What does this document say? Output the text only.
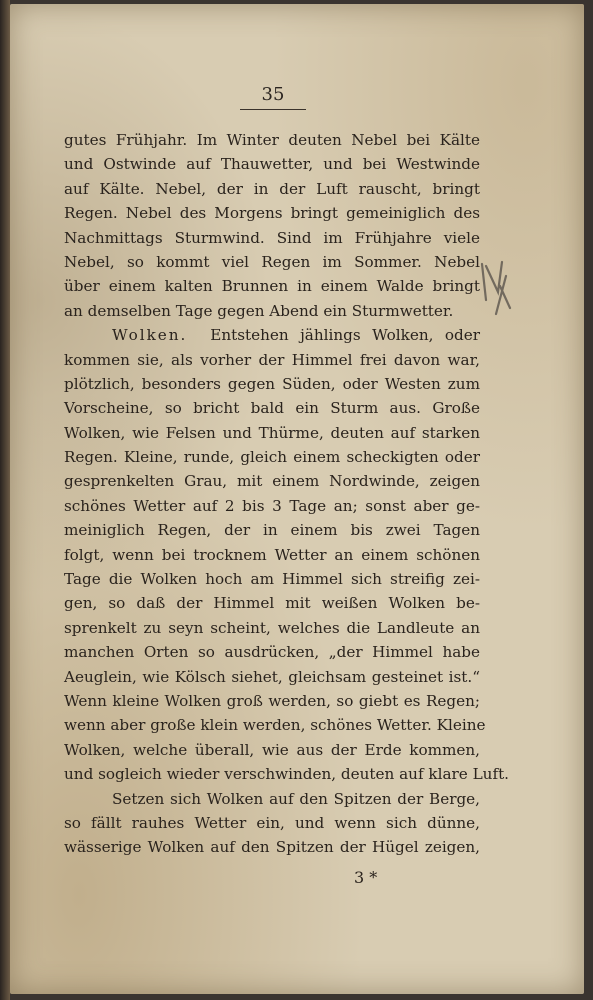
35
gutes Frühjahr. Im Winter deuten Nebel bei Kälte
und Ostwinde auf Thauwetter, und bei Westwinde
auf Kälte. Nebel, der in der Luft rauscht, bringt
Regen. Nebel des Morgens bringt gemeiniglich des
Nachmittags Sturmwind. Sind im Frühjahre viele
Nebel, so kommt viel Regen im Sommer. Nebel
über einem kalten Brunnen in einem Walde bringt
an demselben Tage gegen Abend ein Sturmwetter.
Wolken. Entstehen jählings Wolken, oder
kommen sie, als vorher der Himmel frei davon war,
plötzlich, besonders gegen Süden, oder Westen zum
Vorscheine, so bricht bald ein Sturm aus. Große
Wolken, wie Felsen und Thürme, deuten auf starken
Regen. Kleine, runde, gleich einem scheckigten oder
gesprenkelten Grau, mit einem Nordwinde, zeigen
schönes Wetter auf 2 bis 3 Tage an; sonst aber ge-
meiniglich Regen, der in einem bis zwei Tagen
folgt, wenn bei trocknem Wetter an einem schönen
Tage die Wolken hoch am Himmel sich streifig zei-
gen, so daß der Himmel mit weißen Wolken be-
sprenkelt zu seyn scheint, welches die Landleute an
manchen Orten so ausdrücken, „der Himmel habe
Aeuglein, wie Kölsch siehet, gleichsam gesteinet ist.“
Wenn kleine Wolken groß werden, so giebt es Regen;
wenn aber große klein werden, schönes Wetter. Kleine
Wolken, welche überall, wie aus der Erde kommen,
und sogleich wieder verschwinden, deuten auf klare Luft.
Setzen sich Wolken auf den Spitzen der Berge,
so fällt rauhes Wetter ein, und wenn sich dünne,
wässerige Wolken auf den Spitzen der Hügel zeigen,
3 *
